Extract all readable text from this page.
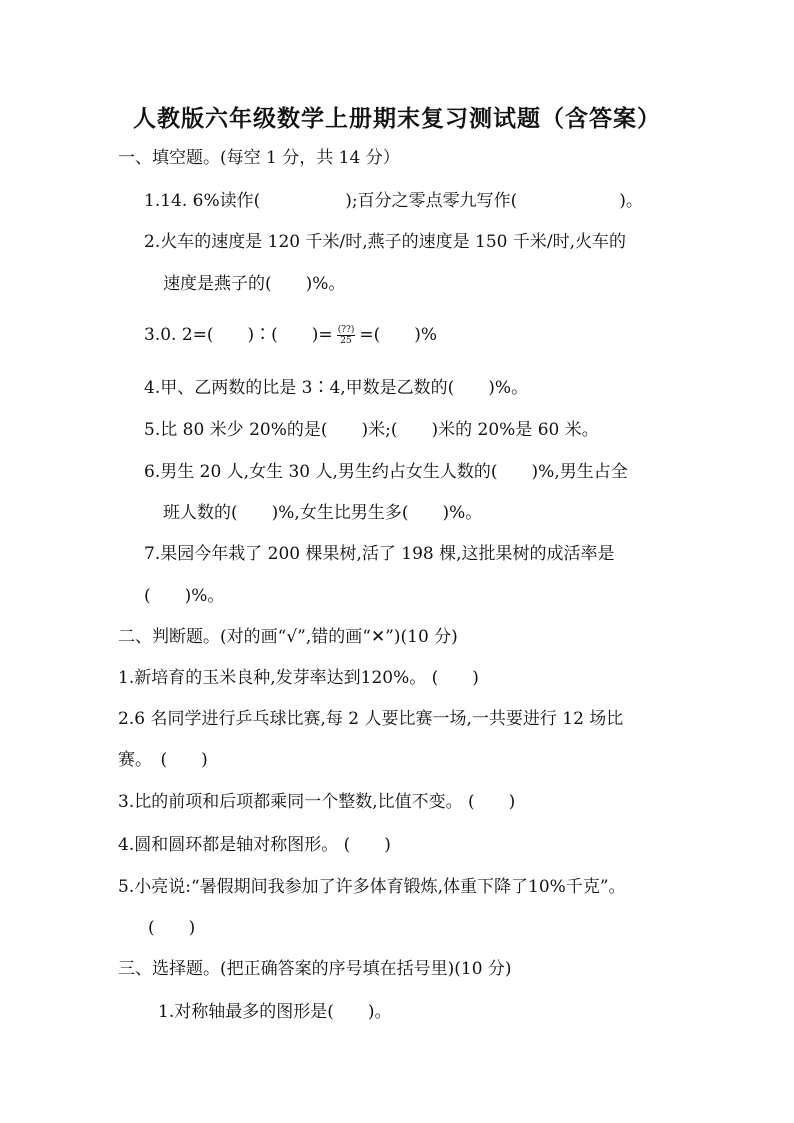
人教版六年级数学上册期末复习测试题（含答案）
一、填空题。(每空 1 分，共 14 分）
1.14. 6%读作(　　　　　);百分之零点零九写作(　　　　　　)。
2.火车的速度是 120 千米/时,燕子的速度是 150 千米/时,火车的
速度是燕子的(　　)%。
3.0. 2=(　　)∶(　　)= $\frac{(??)}{25}$ =(　　)%
4.甲、乙两数的比是 3∶4,甲数是乙数的(　　)%。
5.比 80 米少 20%的是(　　)米;(　　)米的 20%是 60 米。
6.男生 20 人,女生 30 人,男生约占女生人数的(　　)%,男生占全
班人数的(　　)%,女生比男生多(　　)%。
7.果园今年栽了 200 棵果树,活了 198 棵,这批果树的成活率是
(　　)%。
二、判断题。(对的画“√”,错的画“✕”)(10 分)
1.新培育的玉米良种,发芽率达到120%。 (　　)
2.6 名同学进行乒乓球比赛,每 2 人要比赛一场,一共要进行 12 场比
赛。　(　　)
3.比的前项和后项都乘同一个整数,比值不变。 (　　)
4.圆和圆环都是轴对称图形。 (　　)
5.小亮说:“暑假期间我参加了许多体育锻炼,体重下降了10%千克”。
(　　)
三、选择题。(把正确答案的序号填在括号里)(10 分)
1.对称轴最多的图形是(　　)。
